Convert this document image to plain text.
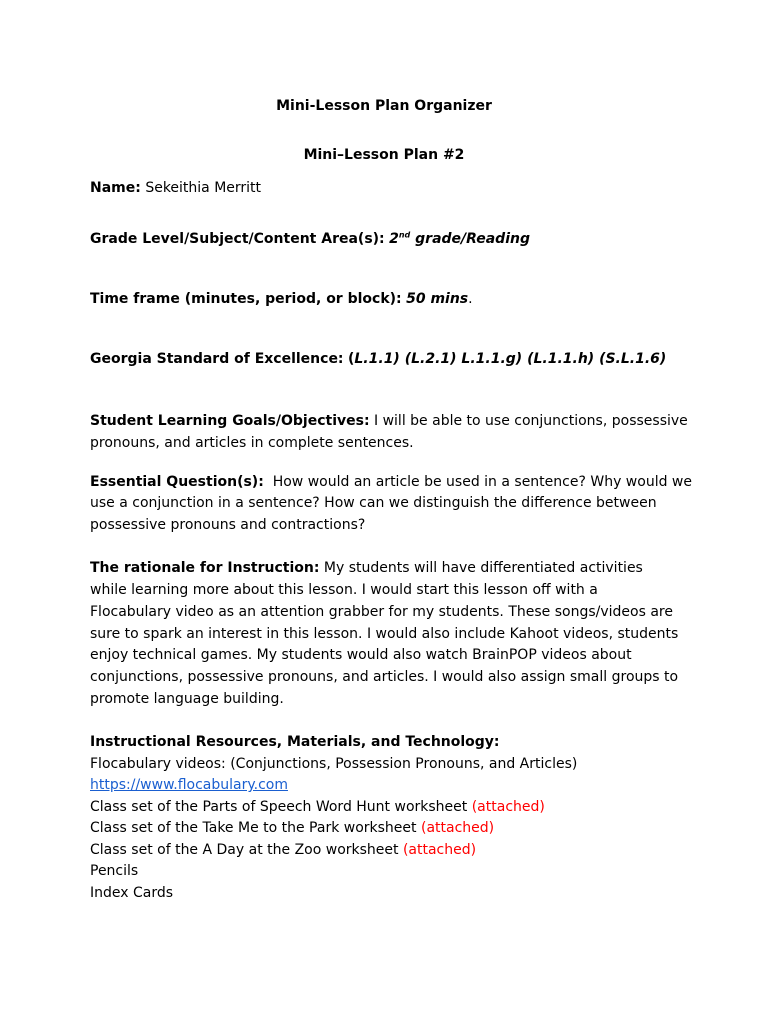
Mini-Lesson Plan Organizer
Mini–Lesson Plan #2
Name: Sekeithia Merritt
Grade Level/Subject/Content Area(s): 2nd grade/Reading
Time frame (minutes, period, or block): 50 mins.
Georgia Standard of Excellence: (L.1.1) (L.2.1) L.1.1.g) (L.1.1.h) (S.L.1.6)
Student Learning Goals/Objectives: I will be able to use conjunctions, possessive
pronouns, and articles in complete sentences.
Essential Question(s): How would an article be used in a sentence? Why would we
use a conjunction in a sentence? How can we distinguish the difference between
possessive pronouns and contractions?
The rationale for Instruction: My students will have differentiated activities
while learning more about this lesson. I would start this lesson off with a
Flocabulary video as an attention grabber for my students. These songs/videos are
sure to spark an interest in this lesson. I would also include Kahoot videos, students
enjoy technical games. My students would also watch BrainPOP videos about
conjunctions, possessive pronouns, and articles. I would also assign small groups to
promote language building.
Instructional Resources, Materials, and Technology:
Flocabulary videos: (Conjunctions, Possession Pronouns, and Articles)
https://www.flocabulary.com
Class set of the Parts of Speech Word Hunt worksheet (attached)
Class set of the Take Me to the Park worksheet (attached)
Class set of the A Day at the Zoo worksheet (attached)
Pencils
Index Cards
